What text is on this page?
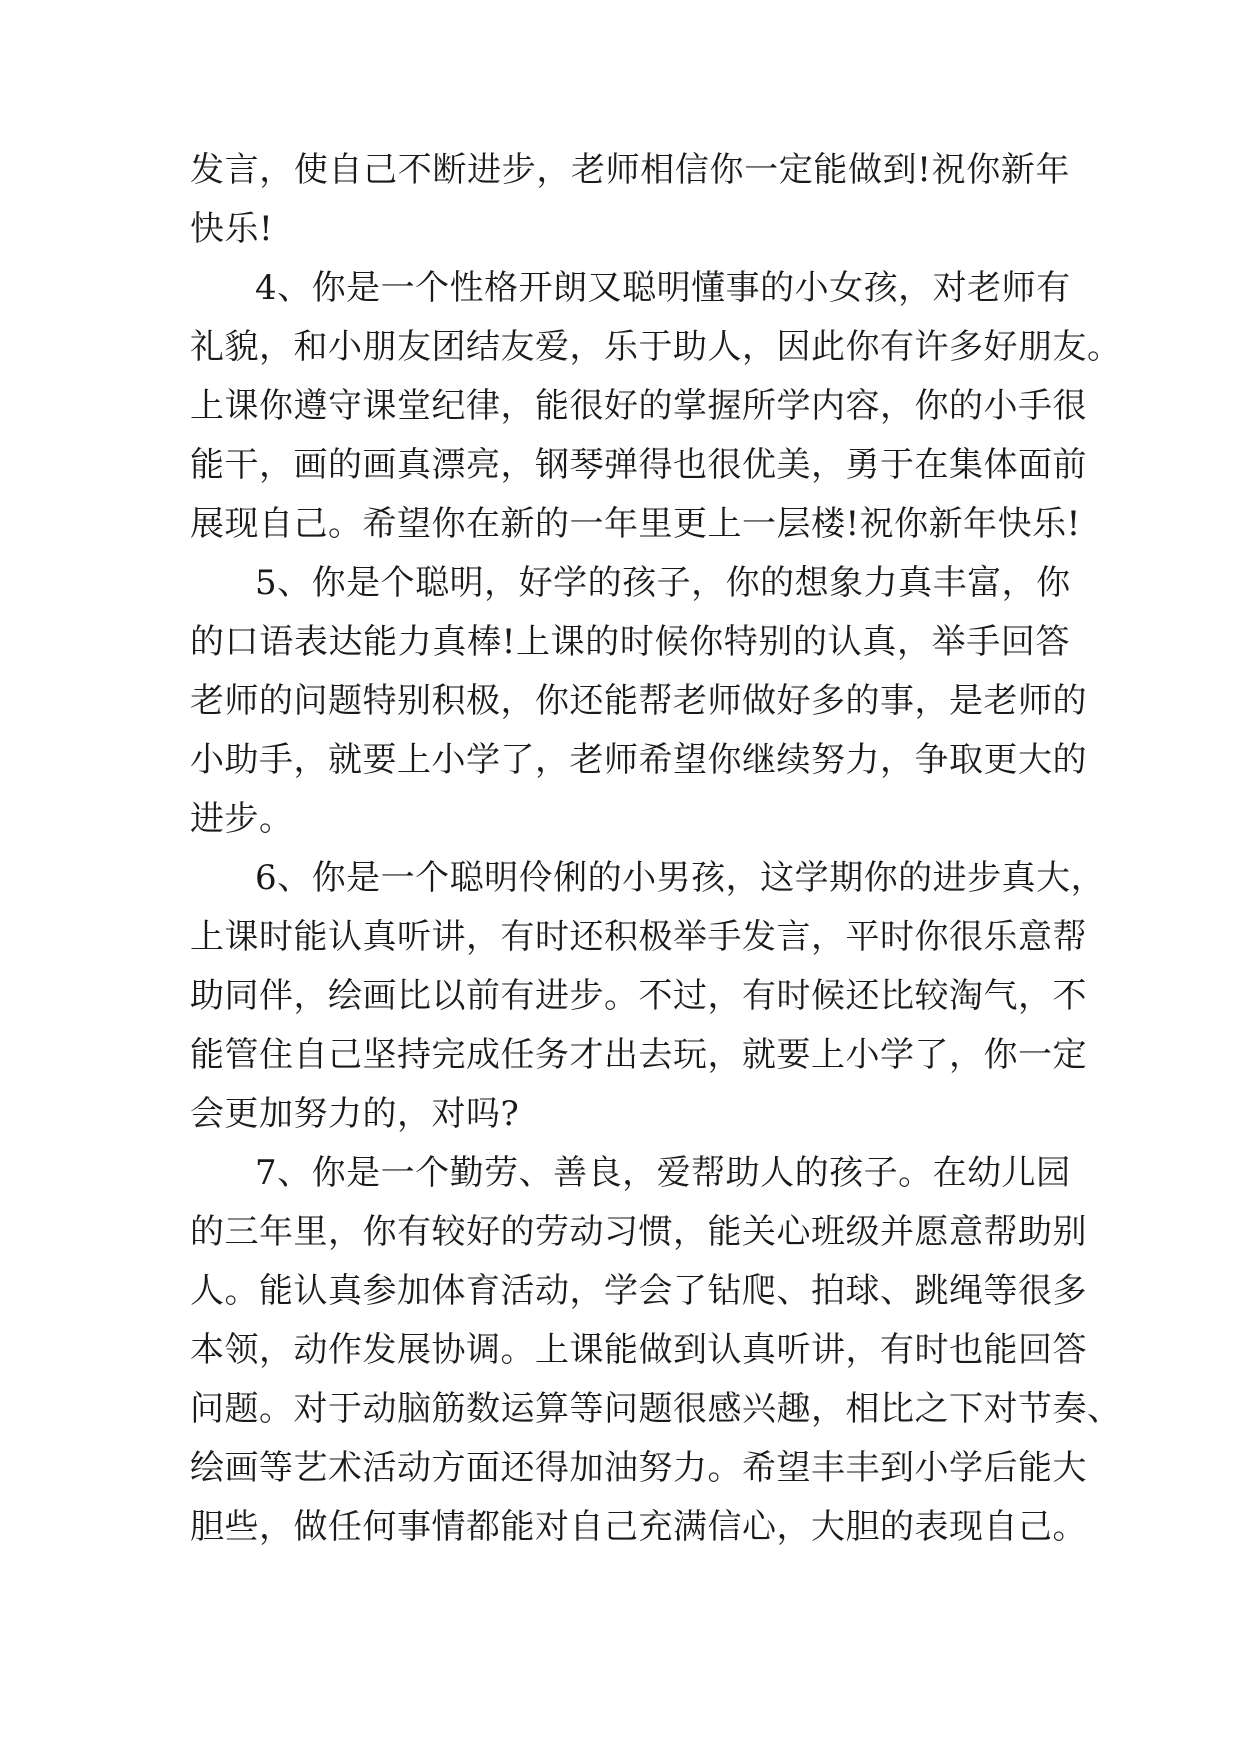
发言，使自己不断进步，老师相信你一定能做到!祝你新年
快乐!
4、你是一个性格开朗又聪明懂事的小女孩，对老师有
礼貌，和小朋友团结友爱，乐于助人，因此你有许多好朋友。
上课你遵守课堂纪律，能很好的掌握所学内容，你的小手很
能干，画的画真漂亮，钢琴弹得也很优美，勇于在集体面前
展现自己。希望你在新的一年里更上一层楼!祝你新年快乐!
5、你是个聪明，好学的孩子，你的想象力真丰富，你
的口语表达能力真棒!上课的时候你特别的认真，举手回答
老师的问题特别积极，你还能帮老师做好多的事，是老师的
小助手，就要上小学了，老师希望你继续努力，争取更大的
进步。
6、你是一个聪明伶俐的小男孩，这学期你的进步真大，
上课时能认真听讲，有时还积极举手发言，平时你很乐意帮
助同伴，绘画比以前有进步。不过，有时候还比较淘气，不
能管住自己坚持完成任务才出去玩，就要上小学了，你一定
会更加努力的，对吗?
7、你是一个勤劳、善良，爱帮助人的孩子。在幼儿园
的三年里，你有较好的劳动习惯，能关心班级并愿意帮助别
人。能认真参加体育活动，学会了钻爬、拍球、跳绳等很多
本领，动作发展协调。上课能做到认真听讲，有时也能回答
问题。对于动脑筋数运算等问题很感兴趣，相比之下对节奏、
绘画等艺术活动方面还得加油努力。希望丰丰到小学后能大
胆些，做任何事情都能对自己充满信心，大胆的表现自己。
